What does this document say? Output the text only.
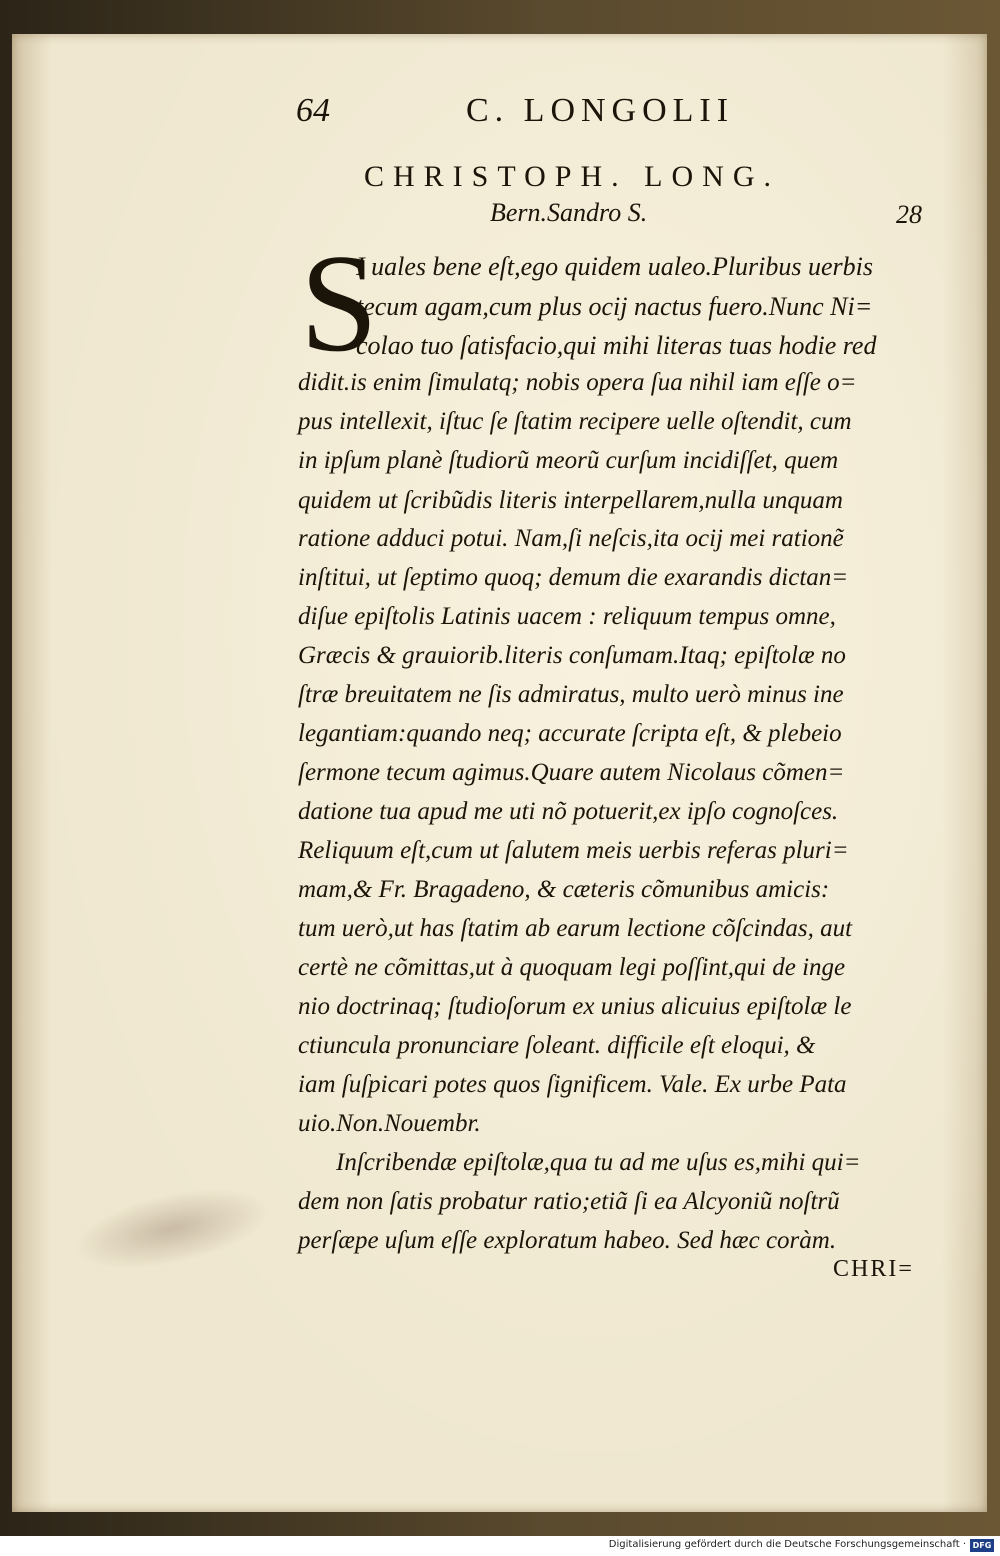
64	C. LONGOLII
CHRISTOPH. LONG.
Bern.Sandro S.	28
S
I uales bene eſt,ego quidem ualeo.Pluribus uerbis
tecum agam,cum plus ocij nactus fuero.Nunc Ni=
colao tuo ſatisfacio,qui mihi literas tuas hodie red
didit.is enim ſimulatq; nobis opera ſua nihil iam eſſe o=
pus intellexit, iſtuc ſe ſtatim recipere uelle oſtendit, cum
in ipſum planè ſtudiorũ meorũ curſum incidiſſet, quem
quidem ut ſcribũdis literis interpellarem,nulla unquam
ratione adduci potui. Nam,ſi neſcis,ita ocij mei rationẽ
inſtitui, ut ſeptimo quoq; demum die exarandis dictan=
diſue epiſtolis Latinis uacem : reliquum tempus omne,
Græcis & grauiorib.literis conſumam.Itaq; epiſtolæ no
ſtræ breuitatem ne ſis admiratus, multo uerò minus ine
legantiam:quando neq; accurate ſcripta eſt, & plebeio
ſermone tecum agimus.Quare autem Nicolaus cõmen=
datione tua apud me uti nõ potuerit,ex ipſo cognoſces.
Reliquum eſt,cum ut ſalutem meis uerbis referas pluri=
mam,& Fr. Bragadeno, & cæteris cõmunibus amicis:
tum uerò,ut has ſtatim ab earum lectione cõſcindas, aut
certè ne cõmittas,ut à quoquam legi poſſint,qui de inge
nio doctrinaq; ſtudioſorum ex unius alicuius epiſtolæ le
ctiuncula pronunciare ſoleant. difficile eſt eloqui, &
iam ſuſpicari potes quos ſignificem. Vale. Ex urbe Pata
uio.Non.Nouembr.
Inſcribendæ epiſtolæ,qua tu ad me uſus es,mihi qui=
dem non ſatis probatur ratio;etiã ſi ea Alcyoniũ noſtrũ
perſæpe uſum eſſe exploratum habeo. Sed hæc coràm.
CHRI=
Digitalisierung gefördert durch die Deutsche Forschungsgemeinschaft · DFG
